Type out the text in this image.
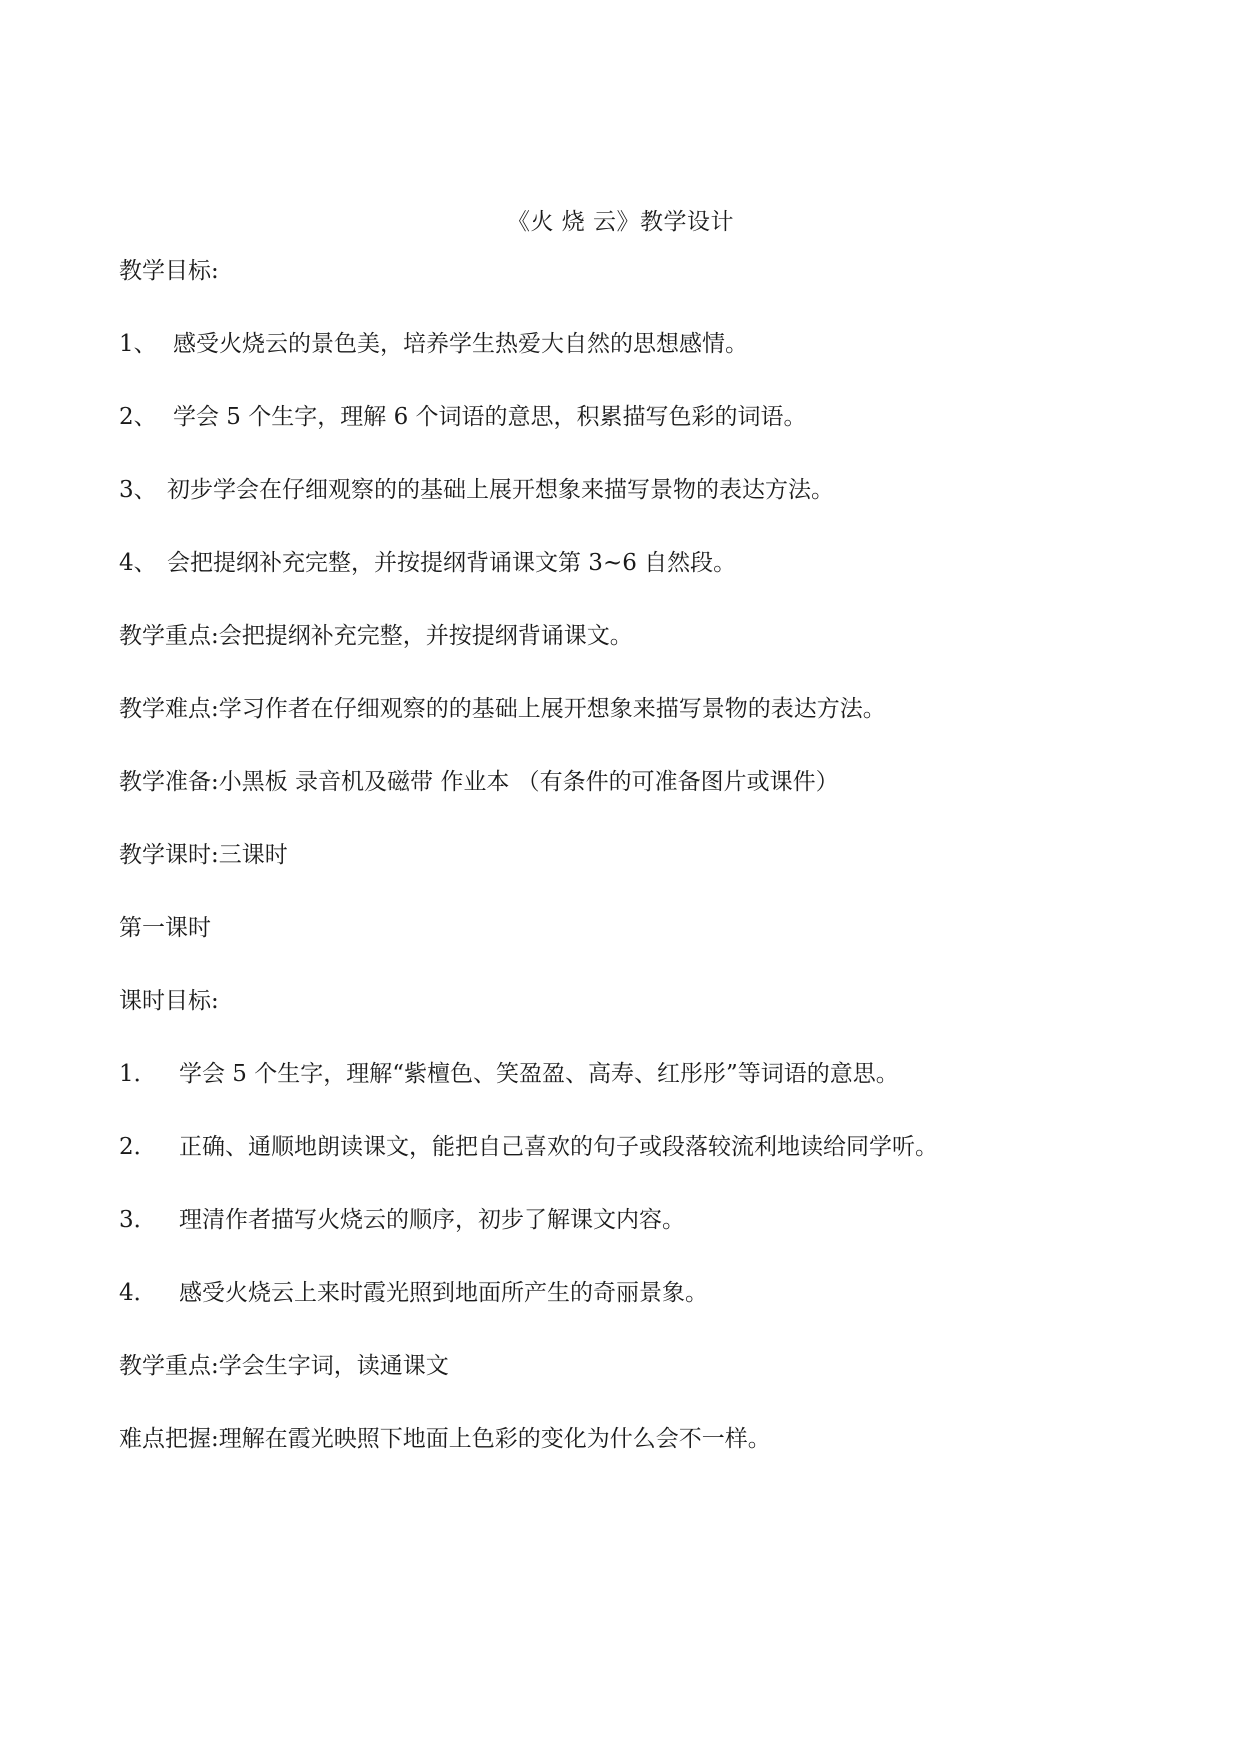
《火 烧 云》教学设计
教学目标:
1、 感受火烧云的景色美，培养学生热爱大自然的思想感情。
2、 学会 5 个生字，理解 6 个词语的意思，积累描写色彩的词语。
3、 初步学会在仔细观察的的基础上展开想象来描写景物的表达方法。
4、 会把提纲补充完整，并按提纲背诵课文第 3~6 自然段。
教学重点:会把提纲补充完整，并按提纲背诵课文。
教学难点:学习作者在仔细观察的的基础上展开想象来描写景物的表达方法。
教学准备:小黑板 录音机及磁带 作业本 （有条件的可准备图片或课件）
教学课时:三课时
第一课时
课时目标:
1． 学会 5 个生字，理解“紫檀色、笑盈盈、高寿、红彤彤”等词语的意思。
2． 正确、通顺地朗读课文，能把自己喜欢的句子或段落较流利地读给同学听。
3． 理清作者描写火烧云的顺序，初步了解课文内容。
4． 感受火烧云上来时霞光照到地面所产生的奇丽景象。
教学重点:学会生字词，读通课文
难点把握:理解在霞光映照下地面上色彩的变化为什么会不一样。
